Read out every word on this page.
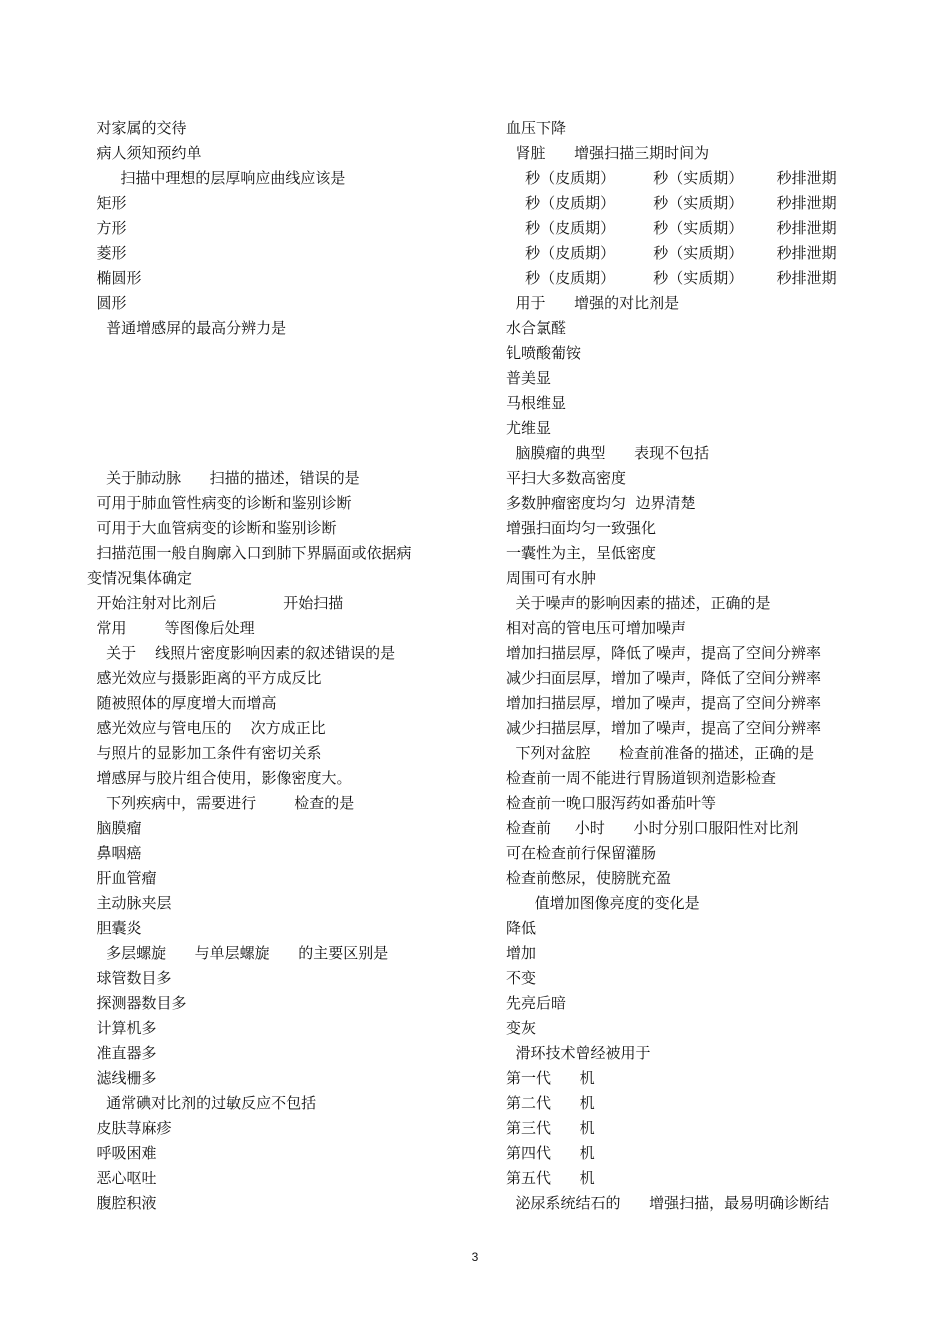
对家属的交待
病人须知预约单
扫描中理想的层厚响应曲线应该是
矩形
方形
菱形
椭圆形
圆形
普通增感屏的最高分辨力是
关于肺动脉      扫描的描述，错误的是
可用于肺血管性病变的诊断和鉴别诊断
可用于大血管病变的诊断和鉴别诊断
扫描范围一般自胸廓入口到肺下界膈面或依据病
变情况集体确定
开始注射对比剂后              开始扫描
常用        等图像后处理
关于    线照片密度影响因素的叙述错误的是
感光效应与摄影距离的平方成反比
随被照体的厚度增大而增高
感光效应与管电压的    次方成正比
与照片的显影加工条件有密切关系
增感屏与胶片组合使用，影像密度大。
下列疾病中，需要进行        检查的是
脑膜瘤
鼻咽癌
肝血管瘤
主动脉夹层
胆囊炎
多层螺旋      与单层螺旋      的主要区别是
球管数目多
探测器数目多
计算机多
准直器多
滤线栅多
通常碘对比剂的过敏反应不包括
皮肤荨麻疹
呼吸困难
恶心呕吐
腹腔积液
血压下降
肾脏      增强扫描三期时间为
秒（皮质期）        秒（实质期）       秒排泄期
秒（皮质期）        秒（实质期）       秒排泄期
秒（皮质期）        秒（实质期）       秒排泄期
秒（皮质期）        秒（实质期）       秒排泄期
秒（皮质期）        秒（实质期）       秒排泄期
用于      增强的对比剂是
水合氯醛
钆喷酸葡铵
普美显
马根维显
尤维显
脑膜瘤的典型      表现不包括
平扫大多数高密度
多数肿瘤密度均匀  边界清楚
增强扫面均匀一致强化
一囊性为主，呈低密度
周围可有水肿
关于噪声的影响因素的描述，正确的是
相对高的管电压可增加噪声
增加扫描层厚，降低了噪声，提高了空间分辨率
减少扫面层厚，增加了噪声，降低了空间分辨率
增加扫描层厚，增加了噪声，提高了空间分辨率
减少扫描层厚，增加了噪声，提高了空间分辨率
下列对盆腔      检查前准备的描述，正确的是
检查前一周不能进行胃肠道钡剂造影检查
检查前一晚口服泻药如番茄叶等
检查前     小时      小时分别口服阳性对比剂
可在检查前行保留灌肠
检查前憋尿，使膀胱充盈
值增加图像亮度的变化是
降低
增加
不变
先亮后暗
变灰
滑环技术曾经被用于
第一代      机
第二代      机
第三代      机
第四代      机
第五代      机
泌尿系统结石的      增强扫描，最易明确诊断结
3
